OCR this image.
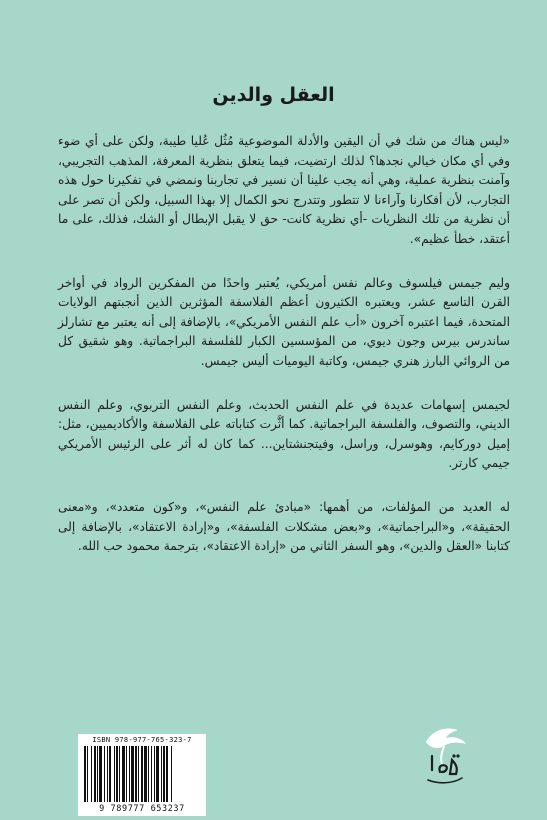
العقل والدين

«ليس هناك من شك في أن اليقين والأدلة الموضوعية مُثُل عُليا طيبة، ولكن على أي ضوء وفي أي مكان خيالي نجدها؟ لذلك ارتضيت، فيما يتعلق بنظرية المعرفة، المذهب التجريبي، وآمنت بنظرية عملية، وهي أنه يجب علينا أن نسير في تجاربنا ونمضي في تفكيرنا حول هذه التجارب، لأن أفكارنا وآراءنا لا تتطور وتتدرج نحو الكمال إلا بهذا السبيل، ولكن أن تصر على أن نظرية من تلك النظريات -أي نظرية كانت- حق لا يقبل الإبطال أو الشك، فذلك، على ما أعتقد، خطأ عظيم».

وليم جيمس فيلسوف وعالم نفس أمريكي، يُعتبر واحدًا من المفكرين الرواد في أواخر القرن التاسع عشر، ويعتبره الكثيرون أعظم الفلاسفة المؤثرين الذين أنجبتهم الولايات المتحدة، فيما اعتبره آخرون «أب علم النفس الأمريكي»، بالإضافة إلى أنه يعتبر مع تشارلز ساندرس بيرس وجون ديوي، من المؤسسين الكبار للفلسفة البراجماتية. وهو شقيق كل من الروائي البارز هنري جيمس، وكاتبة اليوميات أليس جيمس.

لجيمس إسهامات عديدة في علم النفس الحديث، وعلم النفس التربوي، وعلم النفس الديني، والتصوف، والفلسفة البراجماتية. كما أثَّرت كتاباته على الفلاسفة والأكاديميين، مثل: إميل دوركايم، وهوسرل، وراسل، وفيتجنشتاين... كما كان له أثر على الرئيس الأمريكي جيمي كارتر.

له العديد من المؤلفات، من أهمها: «مبادئ علم النفس»، و«كون متعدد»، و«معنى الحقيقة»، و«البراجماتية»، و«بعض مشكلات الفلسفة»، و«إرادة الاعتقاد»، بالإضافة إلى كتابنا «العقل والدين»، وهو السفر الثاني من «إرادة الاعتقاد»، بترجمة محمود حب الله.

ISBN 978-977-765-323-7
9 789777 653237
